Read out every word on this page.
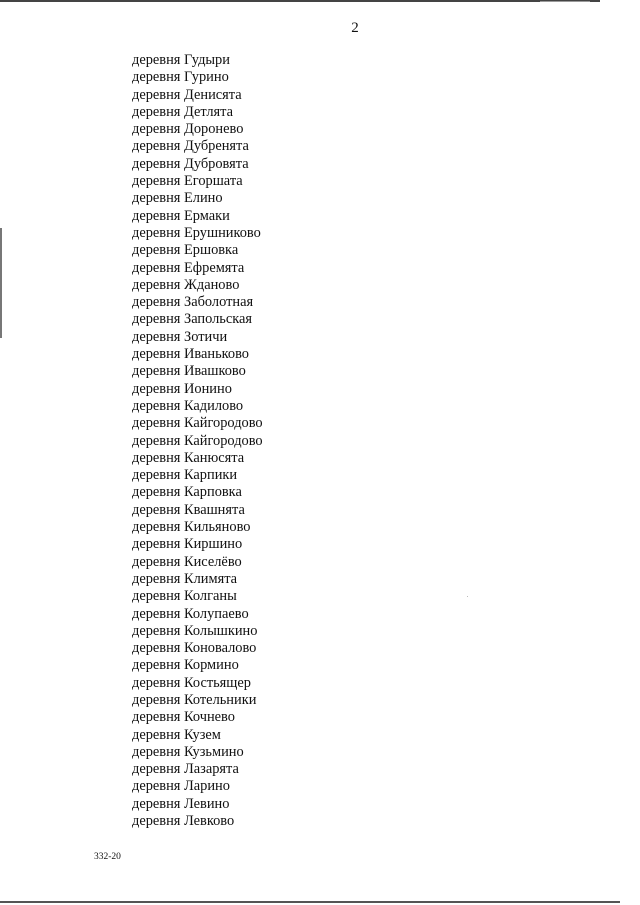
2
деревня Гудыри
деревня Гурино
деревня Денисята
деревня Детлята
деревня Доронево
деревня Дубренята
деревня Дубровята
деревня Егоршата
деревня Елино
деревня Ермаки
деревня Ерушниково
деревня Ершовка
деревня Ефремята
деревня Жданово
деревня Заболотная
деревня Запольская
деревня Зотичи
деревня Иваньково
деревня Ивашково
деревня Ионино
деревня Кадилово
деревня Кайгородово
деревня Кайгородово
деревня Канюсята
деревня Карпики
деревня Карповка
деревня Квашнята
деревня Кильяново
деревня Киршино
деревня Киселёво
деревня Климята
деревня Колганы
деревня Колупаево
деревня Колышкино
деревня Коновалово
деревня Кормино
деревня Костьящер
деревня Котельники
деревня Кочнево
деревня Кузем
деревня Кузьмино
деревня Лазарята
деревня Ларино
деревня Левино
деревня Левково
332-20
